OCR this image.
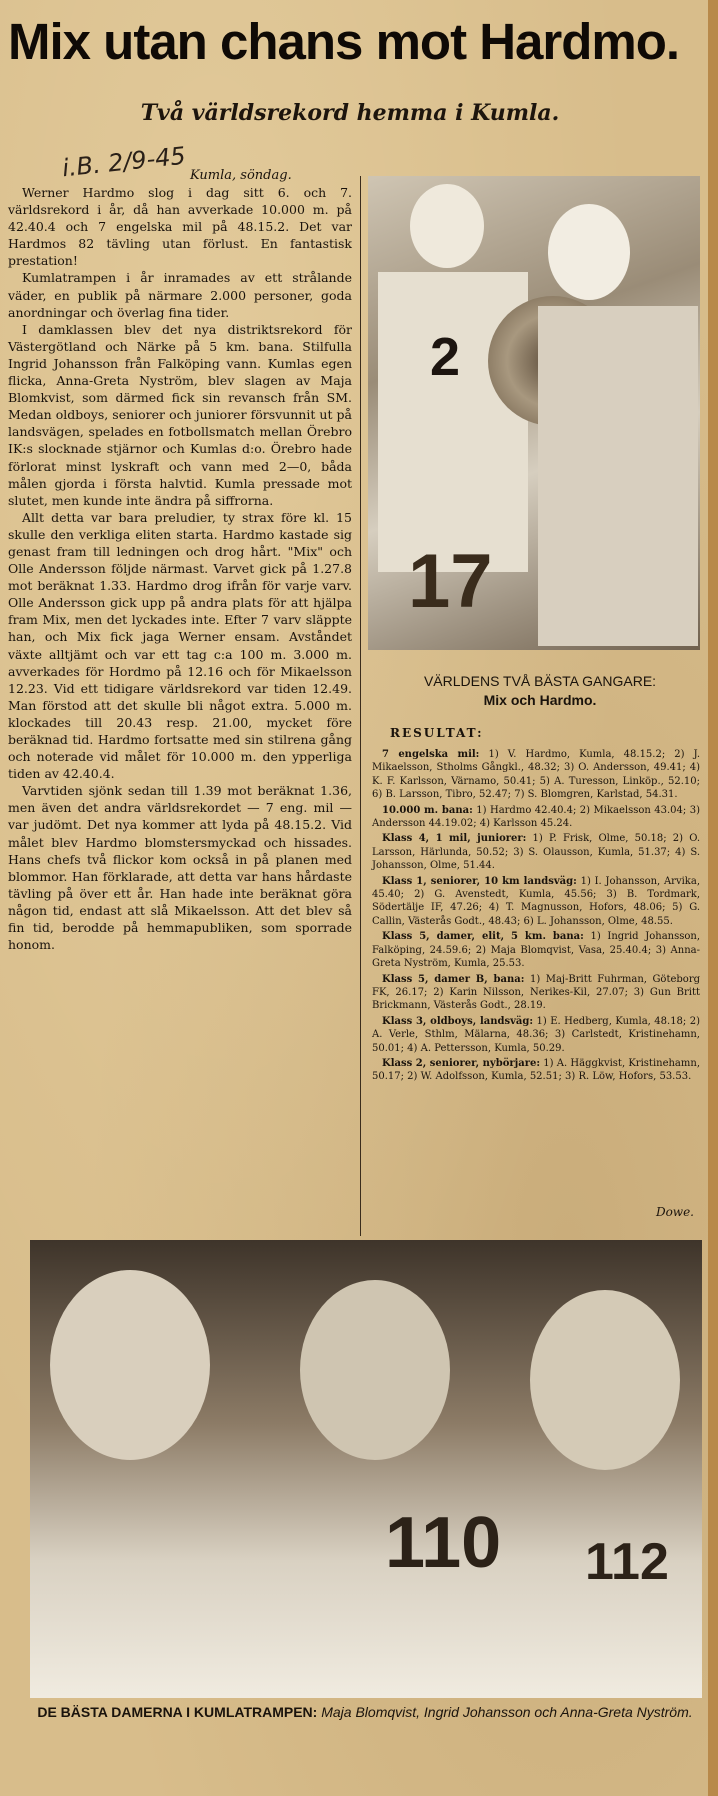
Mix utan chans mot Hardmo.
Två världsrekord hemma i Kumla.
i.B. 2/9-45 Kumla, söndag.

Werner Hardmo slog i dag sitt 6. och 7. världsrekord i år, då han avverkade 10.000 m. på 42.40.4 och 7 engelska mil på 48.15.2. Det var Hardmos 82 tävling utan förlust. En fantastisk prestation!

Kumlatrampen i år inramades av ett strålande väder, en publik på närmare 2.000 personer, goda anordningar och överlag fina tider.

I damklassen blev det nya distriktsrekord för Västergötland och Närke på 5 km. bana. Stilfulla Ingrid Johansson från Falköping vann. Kumlas egen flicka, Anna-Greta Nyström, blev slagen av Maja Blomkvist, som därmed fick sin revansch från SM. Medan oldboys, seniorer och juniorer försvunnit ut på landsvägen, spelades en fotbollsmatch mellan Örebro IK:s slocknade stjärnor och Kumlas d:o. Örebro hade förlorat minst lyskraft och vann med 2—0, båda målen gjorda i första halvtid. Kumla pressade mot slutet, men kunde inte ändra på siffrorna.

Allt detta var bara preludier, ty strax före kl. 15 skulle den verkliga eliten starta. Hardmo kastade sig genast fram till ledningen och drog hårt. "Mix" och Olle Andersson följde närmast. Varvet gick på 1.27.8 mot beräknat 1.33. Hardmo drog ifrån för varje varv. Olle Andersson gick upp på andra plats för att hjälpa fram Mix, men det lyckades inte. Efter 7 varv släppte han, och Mix fick jaga Werner ensam. Avståndet växte alltjämt och var ett tag c:a 100 m. 3.000 m. avverkades för Hordmo på 12.16 och för Mikaelsson 12.23. Vid ett tidigare världsrekord var tiden 12.49. Man förstod att det skulle bli något extra. 5.000 m. klockades till 20.43 resp. 21.00, mycket före beräknad tid. Hardmo fortsatte med sin stilrena gång och noterade vid målet för 10.000 m. den ypperliga tiden av 42.40.4.

Varvtiden sjönk sedan till 1.39 mot beräknat 1.36, men även det andra världsrekordet — 7 eng. mil — var judömt. Det nya kommer att lyda på 48.15.2. Vid målet blev Hardmo blomstersmyckad och hissades. Hans chefs två flickor kom också in på planen med blommor. Han förklarade, att detta var hans hårdaste tävling på över ett år. Han hade inte beräknat göra någon tid, endast att slå Mikaelsson. Att det blev så fin tid, berodde på hemmapubliken, som sporrade honom.

2
17
VÄRLDENS TVÅ BÄSTA GANGARE:
Mix och Hardmo.
RESULTAT:

7 engelska mil: 1) V. Hardmo, Kumla, 48.15.2; 2) J. Mikaelsson, Stholms Gångkl., 48.32; 3) O. Andersson, 49.41; 4) K. F. Karlsson, Värnamo, 50.41; 5) A. Turesson, Linköp., 52.10; 6) B. Larsson, Tibro, 52.47; 7) S. Blomgren, Karlstad, 54.31.

10.000 m. bana: 1) Hardmo 42.40.4; 2) Mikaelsson 43.04; 3) Andersson 44.19.02; 4) Karlsson 45.24.

Klass 4, 1 mil, juniorer: 1) P. Frisk, Olme, 50.18; 2) O. Larsson, Härlunda, 50.52; 3) S. Olausson, Kumla, 51.37; 4) S. Johansson, Olme, 51.44.

Klass 1, seniorer, 10 km landsväg: 1) I. Johansson, Arvika, 45.40; 2) G. Avenstedt, Kumla, 45.56; 3) B. Tordmark, Södertälje IF, 47.26; 4) T. Magnusson, Hofors, 48.06; 5) G. Callin, Västerås Godt., 48.43; 6) L. Johansson, Olme, 48.55.

Klass 5, damer, elit, 5 km. bana: 1) Ingrid Johansson, Falköping, 24.59.6; 2) Maja Blomqvist, Vasa, 25.40.4; 3) Anna-Greta Nyström, Kumla, 25.53.

Klass 5, damer B, bana: 1) Maj-Britt Fuhrman, Göteborg FK, 26.17; 2) Karin Nilsson, Nerikes-Kil, 27.07; 3) Gun Britt Brickmann, Västerås Godt., 28.19.

Klass 3, oldboys, landsväg: 1) E. Hedberg, Kumla, 48.18; 2) A. Verle, Sthlm, Mälarna, 48.36; 3) Carlstedt, Kristinehamn, 50.01; 4) A. Pettersson, Kumla, 50.29.

Klass 2, seniorer, nybörjare: 1) A. Häggkvist, Kristinehamn, 50.17; 2) W. Adolfsson, Kumla, 52.51; 3) R. Löw, Hofors, 53.53.

Dowe.
110 112
DE BÄSTA DAMERNA I KUMLATRAMPEN: Maja Blomqvist, Ingrid Johansson och Anna-Greta Nyström.
